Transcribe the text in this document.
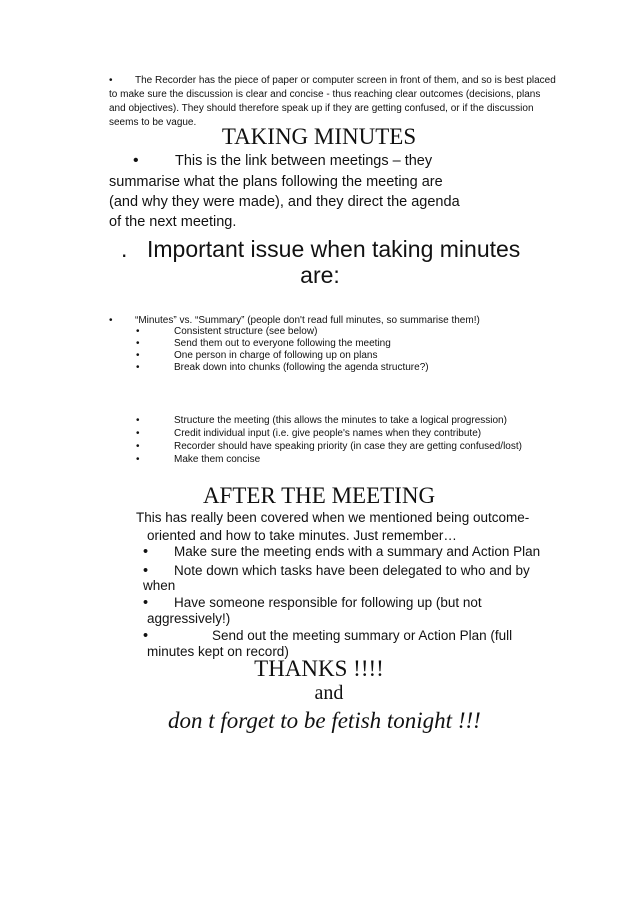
• The Recorder has the piece of paper or computer screen in front of them, and so is best placed
to make sure the discussion is clear and concise - thus reaching clear outcomes (decisions, plans
and objectives). They should therefore speak up if they are getting confused, or if the discussion
seems to be vague.
TAKING MINUTES
•	This is the link between meetings – they
summarise what the plans following the meeting are
(and why they were made), and they direct the agenda
of the next meeting.
. Important issue when taking minutes
are:
• “Minutes” vs. “Summary” (people don't read full minutes, so summarise them!)
•	Consistent structure (see below)
•	Send them out to everyone following the meeting
•	One person in charge of following up on plans
•	Break down into chunks (following the agenda structure?)
•	Structure the meeting (this allows the minutes to take a logical progression)
•	Credit individual input (i.e. give people's names when they contribute)
•	Recorder should have speaking priority (in case they are getting confused/lost)
•	Make them concise
AFTER THE MEETING
This has really been covered when we mentioned being outcome-
oriented and how to take minutes. Just remember…
• Make sure the meeting ends with a summary and Action Plan
• Note down which tasks have been delegated to who and by
when
• Have someone responsible for following up (but not
aggressively!)
•	Send out the meeting summary or Action Plan (full
minutes kept on record)
THANKS !!!!
and
don t forget to be fetish tonight !!!
